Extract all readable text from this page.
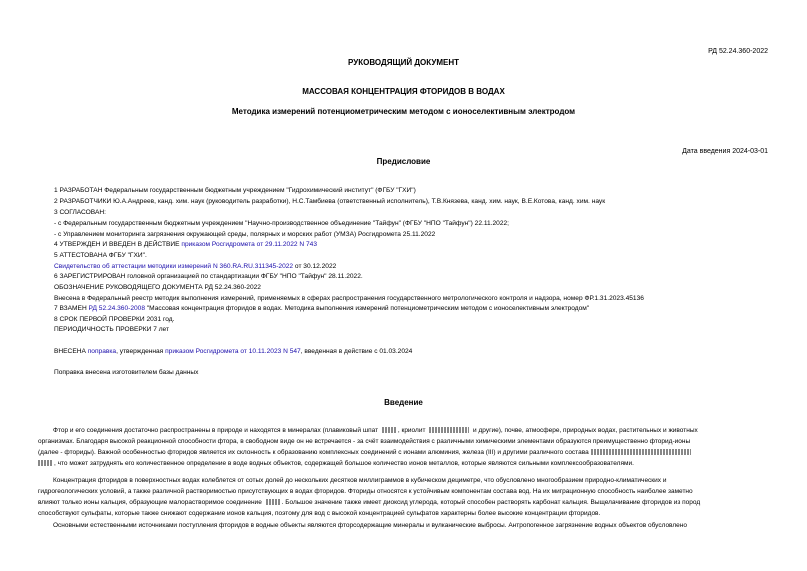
РД 52.24.360-2022
РУКОВОДЯЩИЙ ДОКУМЕНТ
МАССОВАЯ КОНЦЕНТРАЦИЯ ФТОРИДОВ В ВОДАХ
Методика измерений потенциометрическим методом с ионоселективным электродом
Дата введения 2024-03-01
Предисловие
1 РАЗРАБОТАН Федеральным государственным бюджетным учреждением "Гидрохимический институт" (ФГБУ "ГХИ")
2 РАЗРАБОТЧИКИ Ю.А.Андреев, канд. хим. наук (руководитель разработки), Н.С.Тамбиева (ответственный исполнитель), Т.В.Князева, канд. хим. наук, В.Е.Котова, канд. хим. наук
3 СОГЛАСОВАН:
- с Федеральным государственным бюджетным учреждением "Научно-производственное объединение "Тайфун" (ФГБУ "НПО "Тайфун") 22.11.2022;
- с Управлением мониторинга загрязнения окружающей среды, полярных и морских работ (УМЗА) Росгидромета 25.11.2022
4 УТВЕРЖДЕН И ВВЕДЕН В ДЕЙСТВИЕ приказом Росгидромета от 29.11.2022 N 743
5 АТТЕСТОВАНА ФГБУ "ГХИ".
Свидетельство об аттестации методики измерений N 360.RA.RU.311345-2022 от 30.12.2022
6 ЗАРЕГИСТРИРОВАН головной организацией по стандартизации ФГБУ "НПО "Тайфун" 28.11.2022.
ОБОЗНАЧЕНИЕ РУКОВОДЯЩЕГО ДОКУМЕНТА РД 52.24.360-2022
Внесена в Федеральный реестр методик выполнения измерений, применяемых в сферах распространения государственного метрологического контроля и надзора, номер ФР.1.31.2023.45136
7 ВЗАМЕН РД 52.24.360-2008 "Массовая концентрация фторидов в водах. Методика выполнения измерений потенциометрическим методом с ионоселективным электродом"
8 СРОК ПЕРВОЙ ПРОВЕРКИ 2031 год.
ПЕРИОДИЧНОСТЬ ПРОВЕРКИ 7 лет
ВНЕСЕНА поправка, утвержденная приказом Росгидромета от 10.11.2023 N 547, введенная в действие с 01.03.2024
Поправка внесена изготовителем базы данных
Введение

Фтор и его соединения достаточно распространены в природе и находятся в минералах (плавиковый шпат	, криолит	и другие), почве, атмосфере, природных водах, растительных и животных

организмах. Благодаря высокой реакционной способности фтора, в свободном виде он не встречается - за счёт взаимодействия с различными химическими элементами образуются преимущественно фторид-ионы

(далее - фториды). Важной особенностью фторидов является их склонность к образованию комплексных соединений с ионами алюминия, железа (III) и другими различного состава

, что может затруднять его количественное определение в воде водных объектов, содержащей большое количество ионов металлов, которые являются сильными комплексообразователями.

Концентрация фторидов в поверхностных водах колеблется от сотых долей до нескольких десятков миллиграммов в кубическом дециметре, что обусловлено многообразием природно-климатических и

гидрогеологических условий, а также различной растворимостью присутствующих в водах фторидов. Фториды относятся к устойчивым компонентам состава вод. На их миграционную способность наиболее заметно

влияют только ионы кальция, образующие малорастворимое соединение	. Большое значение также имеет диоксид углерода, который способен растворять карбонат кальция. Выщелачивание фторидов из пород

способствуют сульфаты, которые также снижают содержание ионов кальция, поэтому для вод с высокой концентрацией сульфатов характерны более высокие концентрации фторидов.

Основными естественными источниками поступления фторидов в водные объекты являются фторсодержащие минералы и вулканические выбросы. Антропогенное загрязнение водных объектов обусловлено
